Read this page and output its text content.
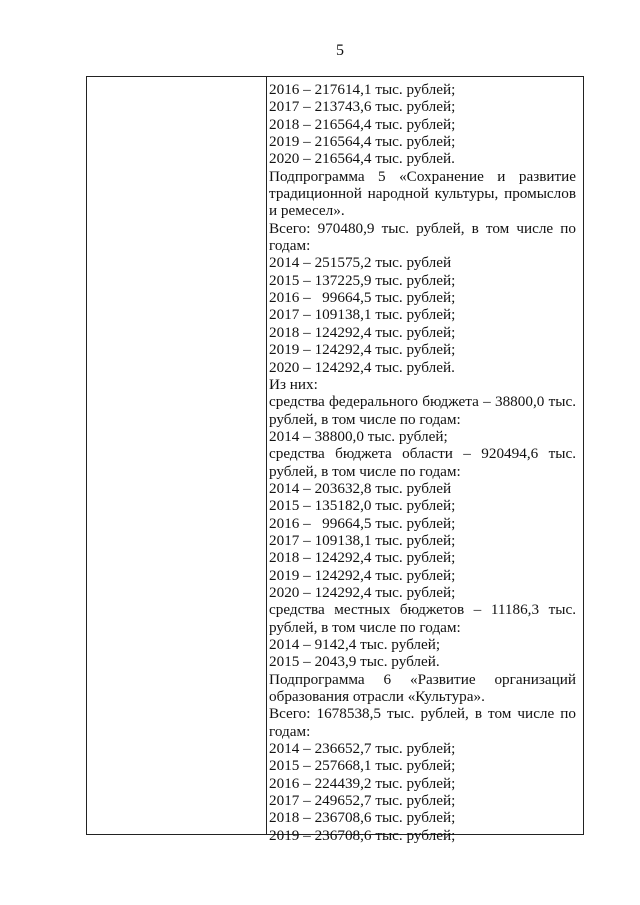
5
2016 – 217614,1 тыс. рублей;
2017 – 213743,6 тыс. рублей;
2018 – 216564,4 тыс. рублей;
2019 – 216564,4 тыс. рублей;
2020 – 216564,4 тыс. рублей.
Подпрограмма 5 «Сохранение и развитие
традиционной народной культуры, промыслов
и ремесел».
Всего: 970480,9 тыс. рублей, в том числе по
годам:
2014 – 251575,2 тыс. рублей
2015 – 137225,9 тыс. рублей;
2016 –   99664,5 тыс. рублей;
2017 – 109138,1 тыс. рублей;
2018 – 124292,4 тыс. рублей;
2019 – 124292,4 тыс. рублей;
2020 – 124292,4 тыс. рублей.
Из них:
средства федерального бюджета – 38800,0 тыс.
рублей, в том числе по годам:
2014 – 38800,0 тыс. рублей;
средства бюджета области – 920494,6 тыс.
рублей, в том числе по годам:
2014 – 203632,8 тыс. рублей
2015 – 135182,0 тыс. рублей;
2016 –   99664,5 тыс. рублей;
2017 – 109138,1 тыс. рублей;
2018 – 124292,4 тыс. рублей;
2019 – 124292,4 тыс. рублей;
2020 – 124292,4 тыс. рублей;
средства местных бюджетов – 11186,3 тыс.
рублей, в том числе по годам:
2014 – 9142,4 тыс. рублей;
2015 – 2043,9 тыс. рублей.
Подпрограмма 6 «Развитие организаций
образования отрасли «Культура».
Всего: 1678538,5 тыс. рублей, в том числе по
годам:
2014 – 236652,7 тыс. рублей;
2015 – 257668,1 тыс. рублей;
2016 – 224439,2 тыс. рублей;
2017 – 249652,7 тыс. рублей;
2018 – 236708,6 тыс. рублей;
2019 – 236708,6 тыс. рублей;
